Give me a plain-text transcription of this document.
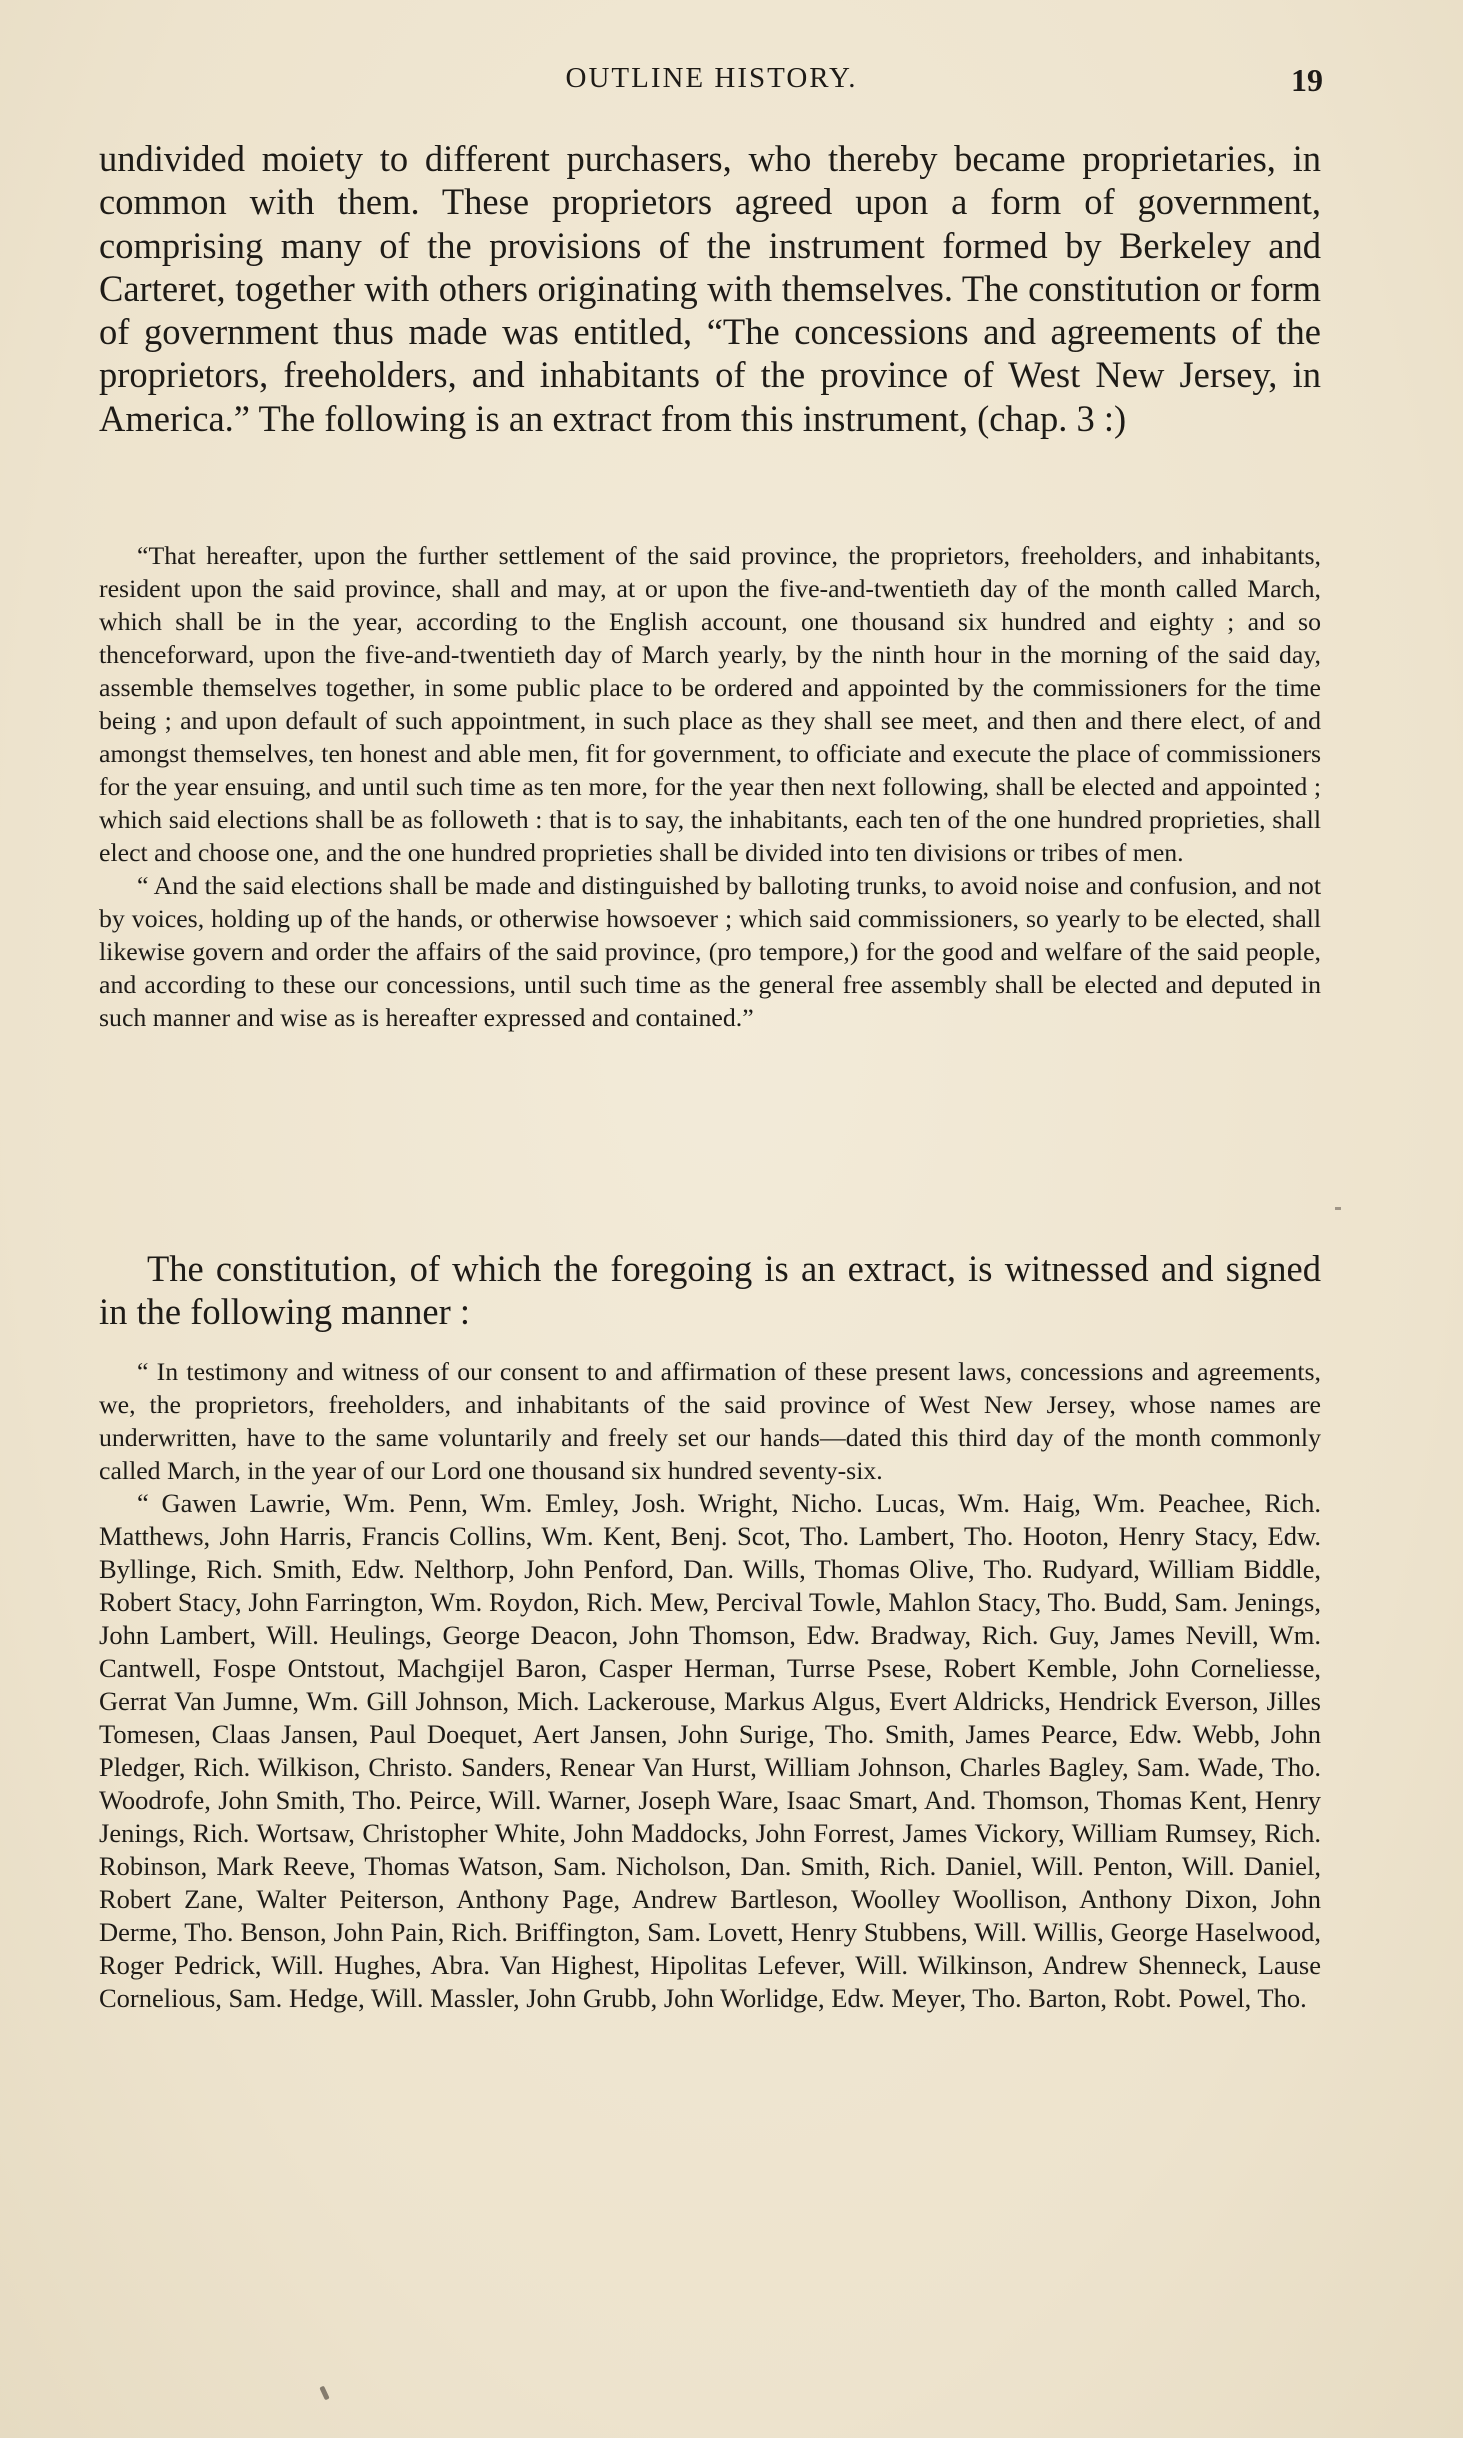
OUTLINE HISTORY.	19

undivided moiety to different purchasers, who thereby became proprietaries, in common with them. These proprietors agreed upon a form of government, comprising many of the provisions of the instrument formed by Berkeley and Carteret, together with others originating with themselves. The constitution or form of government thus made was entitled, “The concessions and agreements of the proprietors, freeholders, and inhabitants of the province of West New Jersey, in America.” The following is an extract from this instrument, (chap. 3 :)

“That hereafter, upon the further settlement of the said province, the proprietors, freeholders, and inhabitants, resident upon the said province, shall and may, at or upon the five-and-twentieth day of the month called March, which shall be in the year, according to the English account, one thousand six hundred and eighty ; and so thenceforward, upon the five-and-twentieth day of March yearly, by the ninth hour in the morning of the said day, assemble themselves together, in some public place to be ordered and appointed by the commissioners for the time being ; and upon default of such appointment, in such place as they shall see meet, and then and there elect, of and amongst themselves, ten honest and able men, fit for government, to officiate and execute the place of commissioners for the year ensuing, and until such time as ten more, for the year then next following, shall be elected and appointed ; which said elections shall be as followeth : that is to say, the inhabitants, each ten of the one hundred proprieties, shall elect and choose one, and the one hundred proprieties shall be divided into ten divisions or tribes of men.

“ And the said elections shall be made and distinguished by balloting trunks, to avoid noise and confusion, and not by voices, holding up of the hands, or otherwise howsoever ; which said commissioners, so yearly to be elected, shall likewise govern and order the affairs of the said province, (pro tempore,) for the good and welfare of the said people, and according to these our concessions, until such time as the general free assembly shall be elected and deputed in such manner and wise as is hereafter expressed and contained.”

The constitution, of which the foregoing is an extract, is witnessed and signed in the following manner :

“ In testimony and witness of our consent to and affirmation of these present laws, concessions and agreements, we, the proprietors, freeholders, and inhabitants of the said province of West New Jersey, whose names are underwritten, have to the same voluntarily and freely set our hands—dated this third day of the month commonly called March, in the year of our Lord one thousand six hundred seventy-six.

“ Gawen Lawrie, Wm. Penn, Wm. Emley, Josh. Wright, Nicho. Lucas, Wm. Haig, Wm. Peachee, Rich. Matthews, John Harris, Francis Collins, Wm. Kent, Benj. Scot, Tho. Lambert, Tho. Hooton, Henry Stacy, Edw. Byllinge, Rich. Smith, Edw. Nelthorp, John Penford, Dan. Wills, Thomas Olive, Tho. Rudyard, William Biddle, Robert Stacy, John Farrington, Wm. Roydon, Rich. Mew, Percival Towle, Mahlon Stacy, Tho. Budd, Sam. Jenings, John Lambert, Will. Heulings, George Deacon, John Thomson, Edw. Bradway, Rich. Guy, James Nevill, Wm. Cantwell, Fospe Ontstout, Machgijel Baron, Casper Herman, Turrse Psese, Robert Kemble, John Corneliesse, Gerrat Van Jumne, Wm. Gill Johnson, Mich. Lackerouse, Markus Algus, Evert Aldricks, Hendrick Everson, Jilles Tomesen, Claas Jansen, Paul Doequet, Aert Jansen, John Surige, Tho. Smith, James Pearce, Edw. Webb, John Pledger, Rich. Wilkison, Christo. Sanders, Renear Van Hurst, William Johnson, Charles Bagley, Sam. Wade, Tho. Woodrofe, John Smith, Tho. Peirce, Will. Warner, Joseph Ware, Isaac Smart, And. Thomson, Thomas Kent, Henry Jenings, Rich. Wortsaw, Christopher White, John Maddocks, John Forrest, James Vickory, William Rumsey, Rich. Robinson, Mark Reeve, Thomas Watson, Sam. Nicholson, Dan. Smith, Rich. Daniel, Will. Penton, Will. Daniel, Robert Zane, Walter Peiterson, Anthony Page, Andrew Bartleson, Woolley Woollison, Anthony Dixon, John Derme, Tho. Benson, John Pain, Rich. Briffington, Sam. Lovett, Henry Stubbens, Will. Willis, George Haselwood, Roger Pedrick, Will. Hughes, Abra. Van Highest, Hipolitas Lefever, Will. Wilkinson, Andrew Shenneck, Lause Cornelious, Sam. Hedge, Will. Massler, John Grubb, John Worlidge, Edw. Meyer, Tho. Barton, Robt. Powel, Tho.
